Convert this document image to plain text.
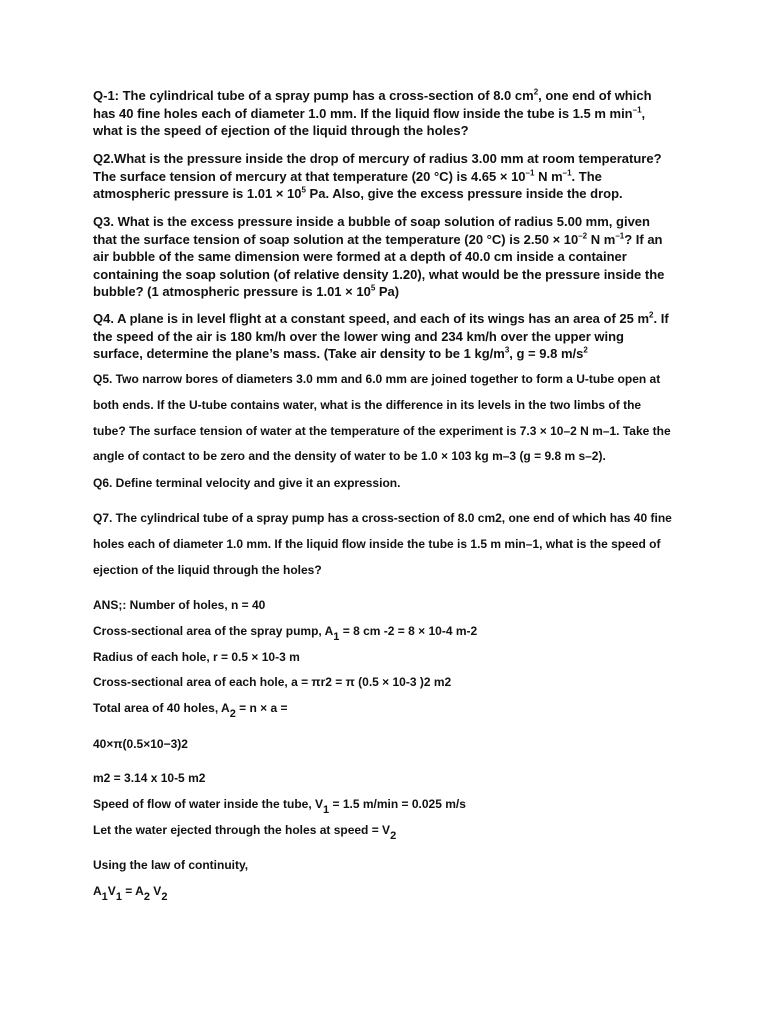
Q-1: The cylindrical tube of a spray pump has a cross-section of 8.0 $cm^2$, one end of which has 40 fine holes each of diameter 1.0 mm. If the liquid flow inside the tube is 1.5 m $\min^{-1}$, what is the speed of ejection of the liquid through the holes?

Q2.What is the pressure inside the drop of mercury of radius 3.00 mm at room temperature? The surface tension of mercury at that temperature (20 °C) is $4.65 \times 10^{-1}$ N $m^{-1}$. The atmospheric pressure is $1.01 \times 10^5$ Pa. Also, give the excess pressure inside the drop.

Q3. What is the excess pressure inside a bubble of soap solution of radius 5.00 mm, given that the surface tension of soap solution at the temperature (20 °C) is $2.50 \times 10^{-2}$ N $m^{-1}$? If an air bubble of the same dimension were formed at a depth of 40.0 cm inside a container containing the soap solution (of relative density 1.20), what would be the pressure inside the bubble? (1 atmospheric pressure is $1.01 \times 10^5$ Pa)

Q4. A plane is in level flight at a constant speed, and each of its wings has an area of 25 $m^2$. If the speed of the air is 180 km/h over the lower wing and 234 km/h over the upper wing surface, determine the plane’s mass. (Take air density to be 1 $kg/m^3$, g = 9.8 $m/s^2$

Q5. Two narrow bores of diameters 3.0 mm and 6.0 mm are joined together to form a U-tube open at both ends. If the U-tube contains water, what is the difference in its levels in the two limbs of the tube? The surface tension of water at the temperature of the experiment is 7.3 × 10–2 N m–1. Take the angle of contact to be zero and the density of water to be 1.0 × 103 kg m–3 (g = 9.8 m s–2).

Q6. Define terminal velocity and give it an expression.

Q7. The cylindrical tube of a spray pump has a cross-section of 8.0 cm2, one end of which has 40 fine holes each of diameter 1.0 mm. If the liquid flow inside the tube is 1.5 m min–1, what is the speed of ejection of the liquid through the holes?

ANS;: Number of holes, n = 40
Cross-sectional area of the spray pump, $A_1 = 8$ cm -2 = 8 × 10-4 m-2
Radius of each hole, r = 0.5 × 10-3 m
Cross-sectional area of each hole, a = πr2 = π (0.5 × 10-3 )2 m2
Total area of 40 holes, $A_2 = n \times a$ =
40×π(0.5×10−3)2
m2 = 3.14 x 10-5 m2
Speed of flow of water inside the tube, $V_1 = 1.5$ m/min = 0.025 m/s
Let the water ejected through the holes at speed = $V_2$
Using the law of continuity,
$A_1V_1 = A_2$ $V_2$
